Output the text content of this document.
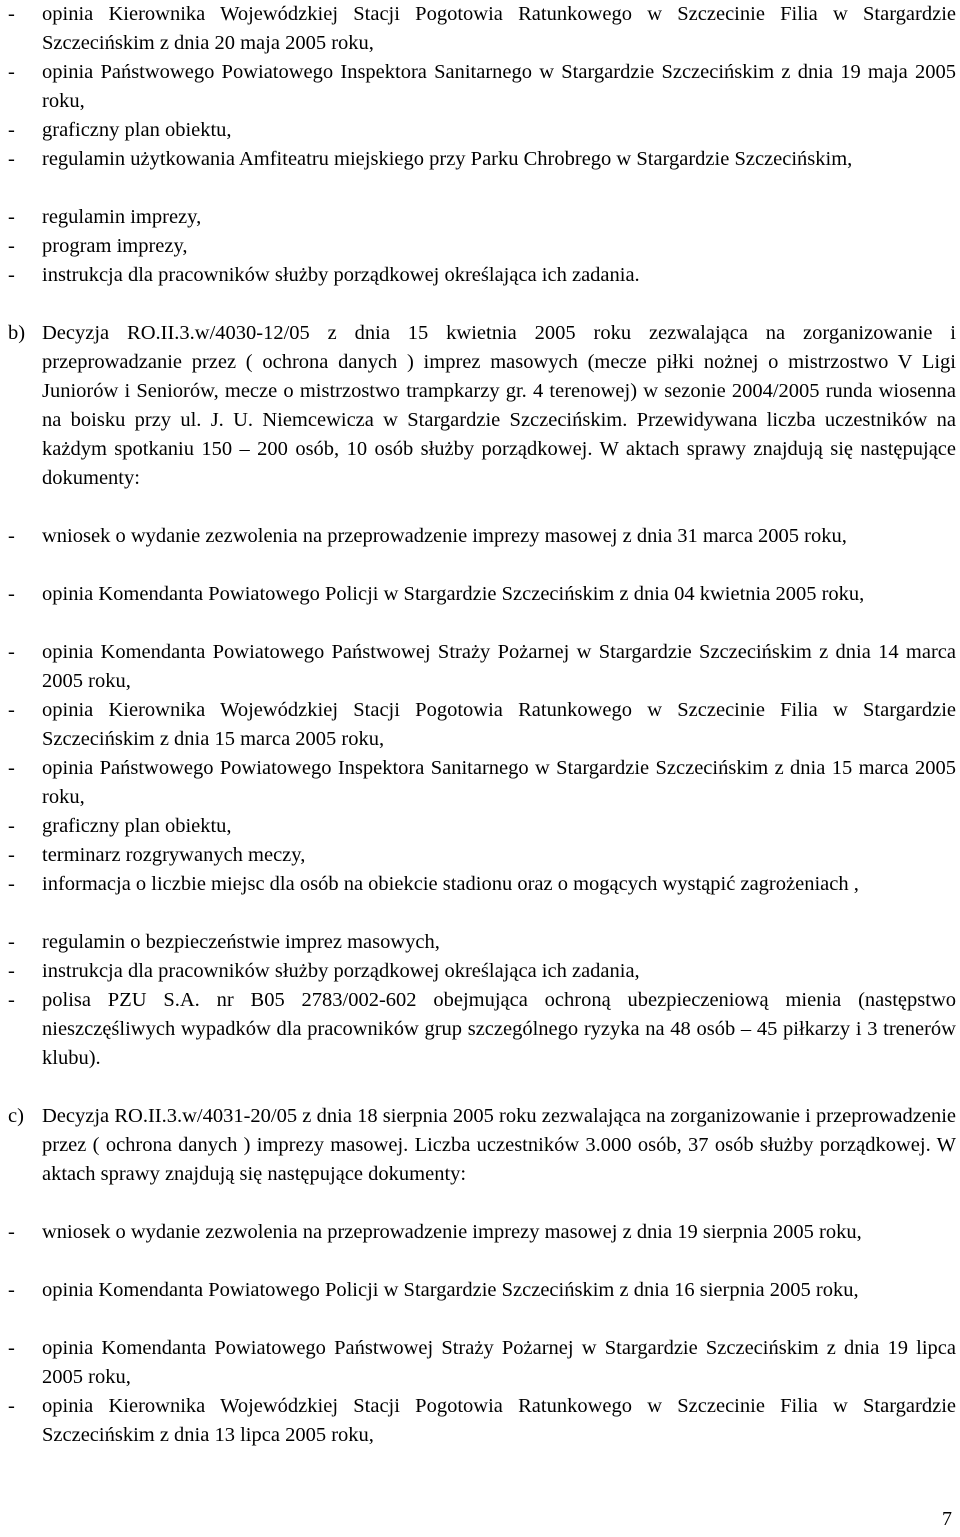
- opinia Kierownika Wojewódzkiej Stacji Pogotowia Ratunkowego w Szczecinie Filia w Stargardzie Szczecińskim z dnia 20 maja 2005 roku,
- opinia Państwowego Powiatowego Inspektora Sanitarnego w Stargardzie Szczecińskim z dnia 19 maja 2005 roku,
- graficzny plan obiektu,
- regulamin użytkowania Amfiteatru miejskiego przy Parku Chrobrego w Stargardzie Szczecińskim,
- regulamin imprezy,
- program imprezy,
- instrukcja dla pracowników służby porządkowej określająca ich zadania.
b) Decyzja RO.II.3.w/4030-12/05 z dnia 15 kwietnia 2005 roku zezwalająca na zorganizowanie i przeprowadzanie przez ( ochrona danych ) imprez masowych (mecze piłki nożnej o mistrzostwo V Ligi Juniorów i Seniorów, mecze o mistrzostwo trampkarzy gr. 4 terenowej) w sezonie 2004/2005 runda wiosenna na boisku przy ul. J. U. Niemcewicza w Stargardzie Szczecińskim. Przewidywana liczba uczestników na każdym spotkaniu 150 – 200 osób, 10 osób służby porządkowej. W aktach sprawy znajdują się następujące dokumenty:
- wniosek o wydanie zezwolenia na przeprowadzenie imprezy masowej z dnia 31 marca 2005 roku,
- opinia Komendanta Powiatowego Policji w Stargardzie Szczecińskim z dnia 04 kwietnia 2005 roku,
- opinia Komendanta Powiatowego Państwowej Straży Pożarnej w Stargardzie Szczecińskim z dnia 14 marca 2005 roku,
- opinia Kierownika Wojewódzkiej Stacji Pogotowia Ratunkowego w Szczecinie Filia w Stargardzie Szczecińskim z dnia 15 marca 2005 roku,
- opinia Państwowego Powiatowego Inspektora Sanitarnego w Stargardzie Szczecińskim z dnia 15 marca 2005 roku,
- graficzny plan obiektu,
- terminarz rozgrywanych meczy,
- informacja o liczbie miejsc dla osób na obiekcie stadionu oraz o mogących wystąpić zagrożeniach ,
- regulamin o bezpieczeństwie imprez masowych,
- instrukcja dla pracowników służby porządkowej określająca ich zadania,
- polisa PZU S.A. nr B05 2783/002-602 obejmująca ochroną ubezpieczeniową mienia (następstwo nieszczęśliwych wypadków dla pracowników grup szczególnego ryzyka na 48 osób – 45 piłkarzy i 3 trenerów klubu).
c) Decyzja RO.II.3.w/4031-20/05 z dnia 18 sierpnia 2005 roku zezwalająca na zorganizowanie i przeprowadzenie przez ( ochrona danych ) imprezy masowej. Liczba uczestników 3.000 osób, 37 osób służby porządkowej. W aktach sprawy znajdują się następujące dokumenty:
- wniosek o wydanie zezwolenia na przeprowadzenie imprezy masowej z dnia 19 sierpnia 2005 roku,
- opinia Komendanta Powiatowego Policji w Stargardzie Szczecińskim z dnia 16 sierpnia 2005 roku,
- opinia Komendanta Powiatowego Państwowej Straży Pożarnej w Stargardzie Szczecińskim z dnia 19 lipca 2005 roku,
- opinia Kierownika Wojewódzkiej Stacji Pogotowia Ratunkowego w Szczecinie Filia w Stargardzie Szczecińskim z dnia 13 lipca 2005 roku,
7
